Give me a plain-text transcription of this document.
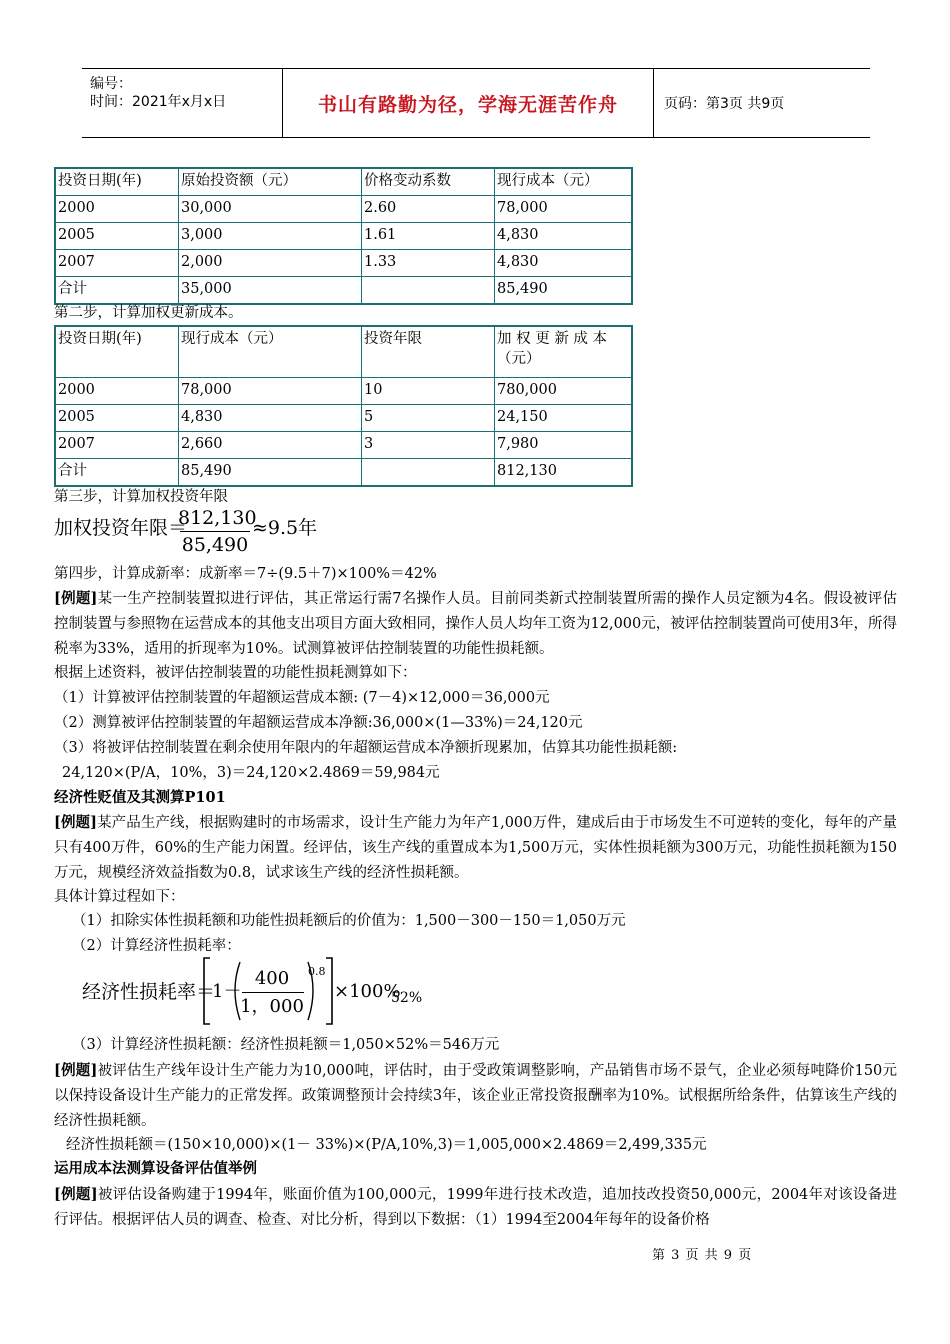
编号：
时间：2021年x月x日	书山有路勤为径，学海无涯苦作舟	页码：第3页 共9页
投资日期(年)	原始投资额（元）	价格变动系数	现行成本（元）
2000	30,000	2.60	78,000
2005	3,000	1.61	4,830
2007	2,000	1.33	4,830
合计	35,000		85,490
第二步，计算加权更新成本。
投资日期(年)	现行成本（元）	投资年限	加 权 更 新 成 本（元）
2000	78,000	10	780,000
2005	4,830	5	24,150
2007	2,660	3	7,980
合计	85,490		812,130
第三步，计算加权投资年限
加权投资年限＝
812,130
85,490
≈9.5年
第四步，计算成新率：成新率＝7÷(9.5＋7)×100%＝42%
[例题]某一生产控制装置拟进行评估，其正常运行需7名操作人员。目前同类新式控制装置所需的操作人员定额为4名。假设被评估控制装置与参照物在运营成本的其他支出项目方面大致相同，操作人员人均年工资为12,000元，被评估控制装置尚可使用3年，所得税率为33%，适用的折现率为10%。试测算被评估控制装置的功能性损耗额。
根据上述资料，被评估控制装置的功能性损耗测算如下：
（1）计算被评估控制装置的年超额运营成本额: (7－4)×12,000＝36,000元
（2）测算被评估控制装置的年超额运营成本净额:36,000×(1—33%)＝24,120元
（3）将被评估控制装置在剩余使用年限内的年超额运营成本净额折现累加，估算其功能性损耗额:
24,120×(P/A，10%，3)＝24,120×2.4869＝59,984元
经济性贬值及其测算P101
[例题]某产品生产线，根据购建时的市场需求，设计生产能力为年产1,000万件，建成后由于市场发生不可逆转的变化，每年的产量只有400万件，60%的生产能力闲置。经评估，该生产线的重置成本为1,500万元，实体性损耗额为300万元，功能性损耗额为150万元，规模经济效益指数为0.8，试求该生产线的经济性损耗额。
具体计算过程如下：
（1）扣除实体性损耗额和功能性损耗额后的价值为：1,500－300－150＝1,050万元
（2）计算经济性损耗率：
经济性损耗率＝
1－
400
1，000
0.8
×100%
52%
（3）计算经济性损耗额：经济性损耗额＝1,050×52%＝546万元
[例题]被评估生产线年设计生产能力为10,000吨，评估时，由于受政策调整影响，产品销售市场不景气，企业必须每吨降价150元以保持设备设计生产能力的正常发挥。政策调整预计会持续3年，该企业正常投资报酬率为10%。试根据所给条件，估算该生产线的经济性损耗额。
经济性损耗额＝(150×10,000)×(1－ 33%)×(P/A,10%,3)＝1,005,000×2.4869＝2,499,335元
运用成本法测算设备评估值举例
[例题]被评估设备购建于1994年，账面价值为100,000元，1999年进行技术改造，追加技改投资50,000元，2004年对该设备进行评估。根据评估人员的调查、检查、对比分析，得到以下数据：（1）1994至2004年每年的设备价格
第 3 页 共 9 页
